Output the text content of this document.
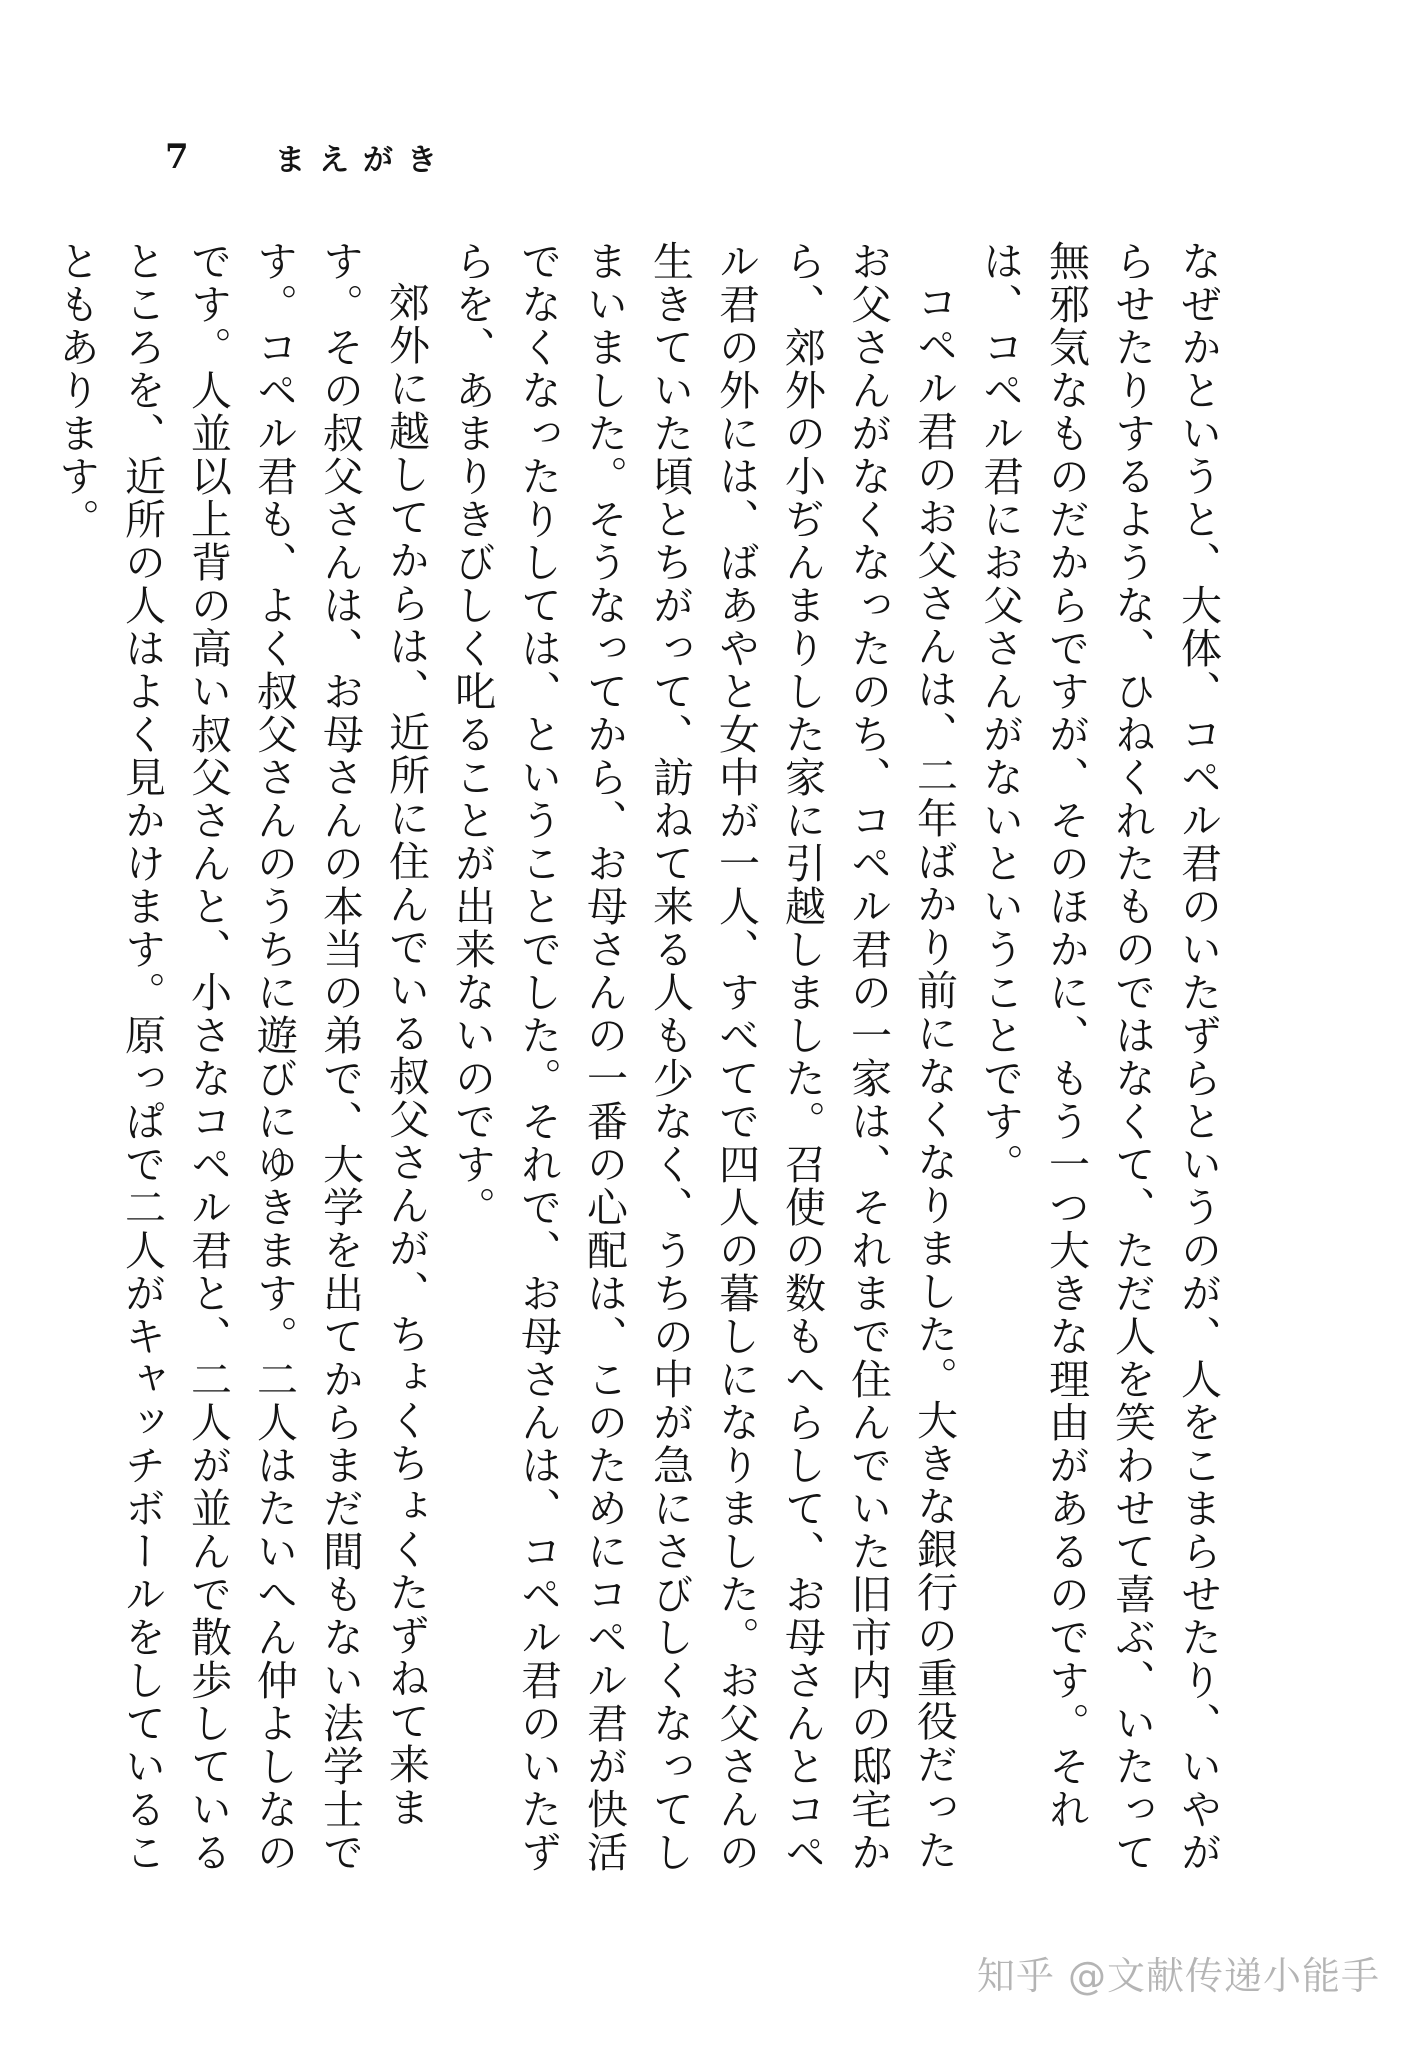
7	まえがき

なぜかというと、大体、コペル君のいたずらというのが、人をこまらせたり、いやがらせたりするような、ひねくれたものではなくて、ただ人を笑わせて喜ぶ、いたって無邪気なものだからですが、そのほかに、もう一つ大きな理由があるのです。それは、コペル君にお父さんがないということです。

コペル君のお父さんは、二年ばかり前になくなりました。大きな銀行の重役だったお父さんがなくなったのち、コペル君の一家は、それまで住んでいた旧市内の邸宅から、郊外の小ぢんまりした家に引越しました。召使の数もへらして、お母さんとコペル君の外には、ばあやと女中が一人、すべてで四人の暮しになりました。お父さんの生きていた頃とちがって、訪ねて来る人も少なく、うちの中が急にさびしくなってしまいました。そうなってから、お母さんの一番の心配は、このためにコペル君が快活でなくなったりしては、ということでした。それで、お母さんは、コペル君のいたずらを、あまりきびしく叱ることが出来ないのです。

郊外に越してからは、近所に住んでいる叔父さんが、ちょくちょくたずねて来ます。その叔父さんは、お母さんの本当の弟で、大学を出てからまだ間もない法学士です。コペル君も、よく叔父さんのうちに遊びにゆきます。二人はたいへん仲よしなのです。人並以上背の高い叔父さんと、小さなコペル君と、二人が並んで散歩しているところを、近所の人はよく見かけます。原っぱで二人がキャッチボールをしていることもあります。

知乎 @文献传递小能手
